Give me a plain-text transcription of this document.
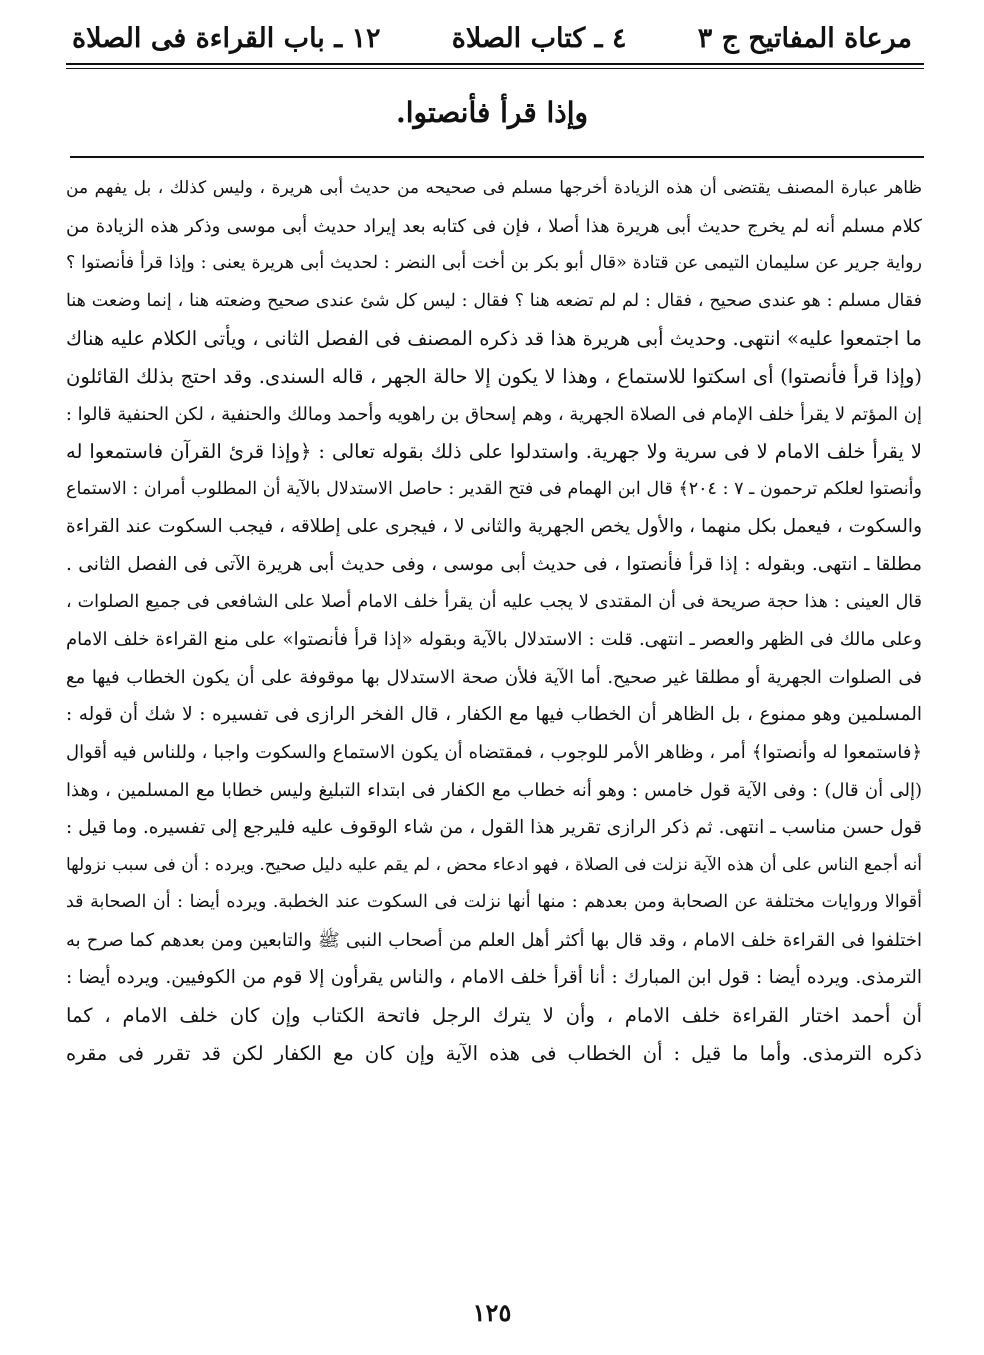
مرعاة المفاتيح ج ٣
٤ ـ كتاب الصلاة
١٢ ـ باب القراءة فى الصلاة
وإذا قرأ فأنصتوا.
ظاهر عبارة المصنف يقتضى أن هذه الزيادة أخرجها مسلم فى صحيحه من حديث أبى هريرة ، وليس كذلك ، بل يفهم من
كلام مسلم أنه لم يخرج حديث أبى هريرة هذا أصلا ، فإن فى كتابه بعد إيراد حديث أبى موسى وذكر هذه الزيادة من
رواية جرير عن سليمان التيمى عن قتادة «قال أبو بكر بن أخت أبى النضر : لحديث أبى هريرة يعنى : وإذا قرأ فأنصتوا ؟
فقال مسلم : هو عندى صحيح ، فقال : لم لم تضعه هنا ؟ فقال : ليس كل شئ عندى صحيح وضعته هنا ، إنما وضعت هنا
ما اجتمعوا عليه» انتهى. وحديث أبى هريرة هذا قد ذكره المصنف فى الفصل الثانى ، ويأتى الكلام عليه هناك
(وإذا قرأ فأنصتوا) أى اسكتوا للاستماع ، وهذا لا يكون إلا حالة الجهر ، قاله السندى. وقد احتج بذلك القائلون
إن المؤتم لا يقرأ خلف الإمام فى الصلاة الجهرية ، وهم إسحاق بن راهويه وأحمد ومالك والحنفية ، لكن الحنفية قالوا :
لا يقرأ خلف الامام لا فى سرية ولا جهرية. واستدلوا على ذلك بقوله تعالى : ﴿وإذا قرئ القرآن فاستمعوا له
وأنصتوا لعلكم ترحمون ـ ٧ : ٢٠٤﴾ قال ابن الهمام فى فتح القدير : حاصل الاستدلال بالآية أن المطلوب أمران : الاستماع
والسكوت ، فيعمل بكل منهما ، والأول يخص الجهرية والثانى لا ، فيجرى على إطلاقه ، فيجب السكوت عند القراءة
مطلقا ـ انتهى. وبقوله : إذا قرأ فأنصتوا ، فى حديث أبى موسى ، وفى حديث أبى هريرة الآتى فى الفصل الثانى .
قال العينى : هذا حجة صريحة فى أن المقتدى لا يجب عليه أن يقرأ خلف الامام أصلا على الشافعى فى جميع الصلوات ،
وعلى مالك فى الظهر والعصر ـ انتهى. قلت : الاستدلال بالآية وبقوله «إذا قرأ فأنصتوا» على منع القراءة خلف الامام
فى الصلوات الجهرية أو مطلقا غير صحيح. أما الآية فلأن صحة الاستدلال بها موقوفة على أن يكون الخطاب فيها مع
المسلمين وهو ممنوع ، بل الظاهر أن الخطاب فيها مع الكفار ، قال الفخر الرازى فى تفسيره : لا شك أن قوله :
﴿فاستمعوا له وأنصتوا﴾ أمر ، وظاهر الأمر للوجوب ، فمقتضاه أن يكون الاستماع والسكوت واجبا ، وللناس فيه أقوال
(إلى أن قال) : وفى الآية قول خامس : وهو أنه خطاب مع الكفار فى ابتداء التبليغ وليس خطابا مع المسلمين ، وهذا
قول حسن مناسب ـ انتهى. ثم ذكر الرازى تقرير هذا القول ، من شاء الوقوف عليه فليرجع إلى تفسيره. وما قيل :
أنه أجمع الناس على أن هذه الآية نزلت فى الصلاة ، فهو ادعاء محض ، لم يقم عليه دليل صحيح. ويرده : أن فى سبب نزولها
أقوالا وروايات مختلفة عن الصحابة ومن بعدهم : منها أنها نزلت فى السكوت عند الخطبة. ويرده أيضا : أن الصحابة قد
اختلفوا فى القراءة خلف الامام ، وقد قال بها أكثر أهل العلم من أصحاب النبى ﷺ والتابعين ومن بعدهم كما صرح به
الترمذى. ويرده أيضا : قول ابن المبارك : أنا أقرأ خلف الامام ، والناس يقرأون إلا قوم من الكوفيين. ويرده أيضا :
أن أحمد اختار القراءة خلف الامام ، وأن لا يترك الرجل فاتحة الكتاب وإن كان خلف الامام ، كما
ذكره الترمذى. وأما ما قيل : أن الخطاب فى هذه الآية وإن كان مع الكفار لكن قد تقرر فى مقره
١٢٥
